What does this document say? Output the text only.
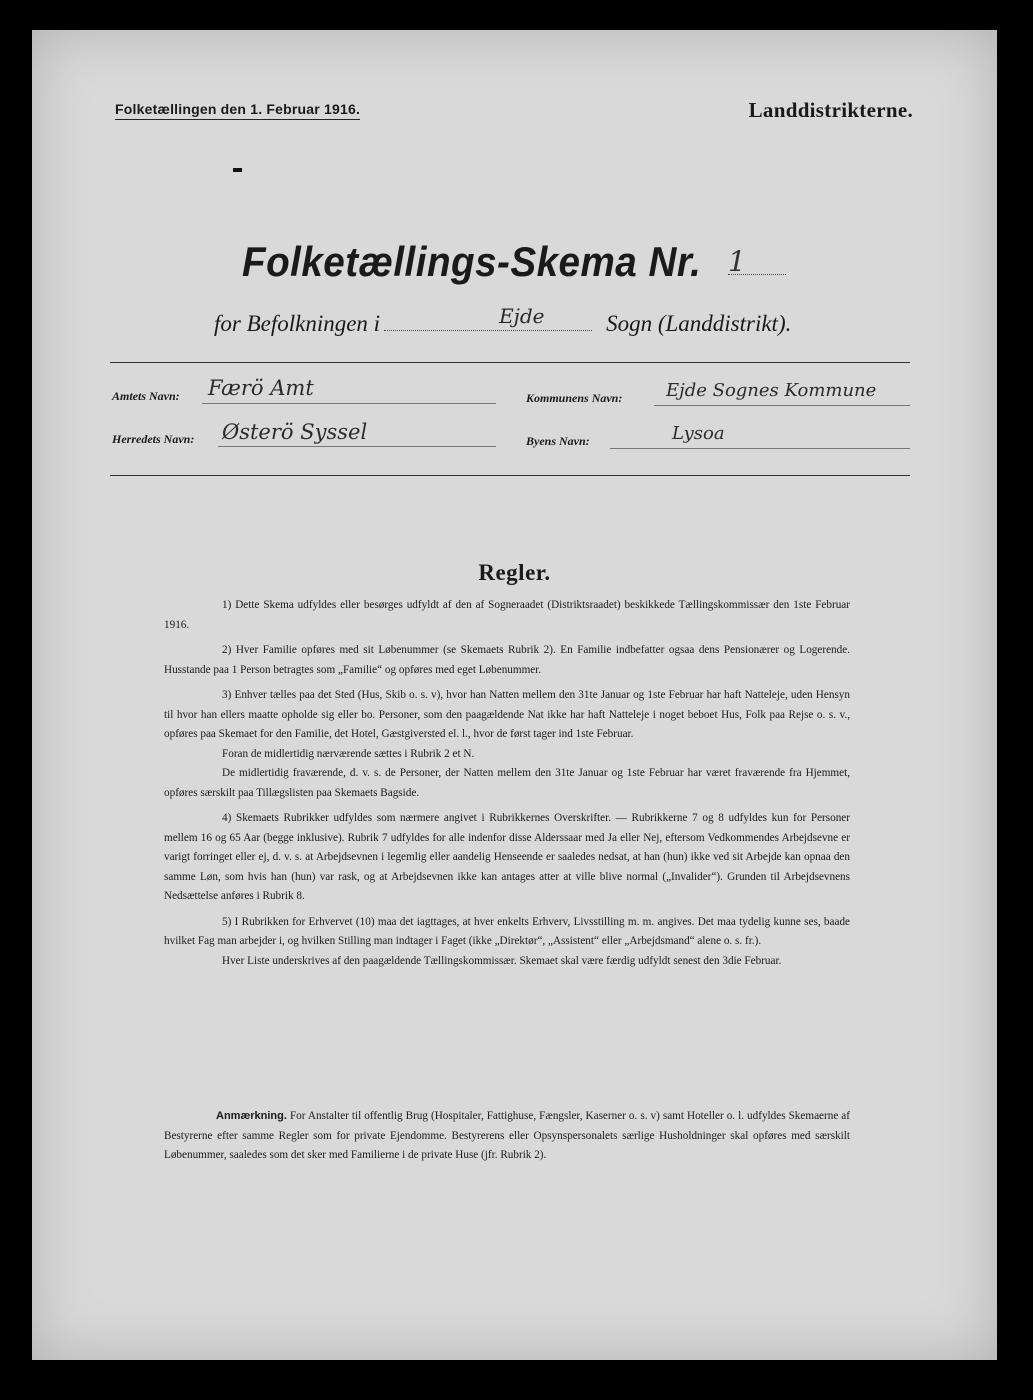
Folketællingen den 1. Februar 1916.	Landdistrikterne.
Folketællings-Skema Nr. 1
for Befolkningen i	Ejde	Sogn (Landdistrikt).
Amtets Navn: Færö Amt	Kommunens Navn: Ejde Sognes Kommune
Herredets Navn: Østerö Syssel	Byens Navn:	Lysoa
Regler.

1) Dette Skema udfyldes eller besørges udfyldt af den af Sogneraadet (Distriktsraadet) beskikkede Tællingskommissær den 1ste Februar 1916.

2) Hver Familie opføres med sit Løbenummer (se Skemaets Rubrik 2). En Familie indbefatter ogsaa dens Pensionærer og Logerende. Husstande paa 1 Person betragtes som „Familie“ og opføres med eget Løbenummer.

3) Enhver tælles paa det Sted (Hus, Skib o. s. v), hvor han Natten mellem den 31te Januar og 1ste Februar har haft Natteleje, uden Hensyn til hvor han ellers maatte opholde sig eller bo. Personer, som den paagældende Nat ikke har haft Natteleje i noget beboet Hus, Folk paa Rejse o. s. v., opføres paa Skemaet for den Familie, det Hotel, Gæstgiversted el. l., hvor de først tager ind 1ste Februar.

Foran de midlertidig nærværende sættes i Rubrik 2 et N.

De midlertidig fraværende, d. v. s. de Personer, der Natten mellem den 31te Januar og 1ste Februar har været fraværende fra Hjemmet, opføres særskilt paa Tillægslisten paa Skemaets Bagside.

4) Skemaets Rubrikker udfyldes som nærmere angivet i Rubrikkernes Overskrifter. — Rubrikkerne 7 og 8 udfyldes kun for Personer mellem 16 og 65 Aar (begge inklusive). Rubrik 7 udfyldes for alle indenfor disse Alderssaar med Ja eller Nej, eftersom Vedkommendes Arbejdsevne er varigt forringet eller ej, d. v. s. at Arbejdsevnen i legemlig eller aandelig Henseende er saaledes nedsat, at han (hun) ikke ved sit Arbejde kan opnaa den samme Løn, som hvis han (hun) var rask, og at Arbejdsevnen ikke kan antages atter at ville blive normal („Invalider“). Grunden til Arbejdsevnens Nedsættelse anføres i Rubrik 8.

5) I Rubrikken for Erhvervet (10) maa det iagttages, at hver enkelts Erhverv, Livsstilling m. m. angives. Det maa tydelig kunne ses, baade hvilket Fag man arbejder i, og hvilken Stilling man indtager i Faget (ikke „Direktør“, „Assistent“ eller „Arbejdsmand“ alene o. s. fr.).

Hver Liste underskrives af den paagældende Tællingskommissær. Skemaet skal være færdig udfyldt senest den 3die Februar.

Anmærkning. For Anstalter til offentlig Brug (Hospitaler, Fattighuse, Fængsler, Kaserner o. s. v) samt Hoteller o. l. udfyldes Skemaerne af Bestyrerne efter samme Regler som for private Ejendomme. Bestyrerens eller Opsynspersonalets særlige Husholdninger skal opføres med særskilt Løbenummer, saaledes som det sker med Familierne i de private Huse (jfr. Rubrik 2).
